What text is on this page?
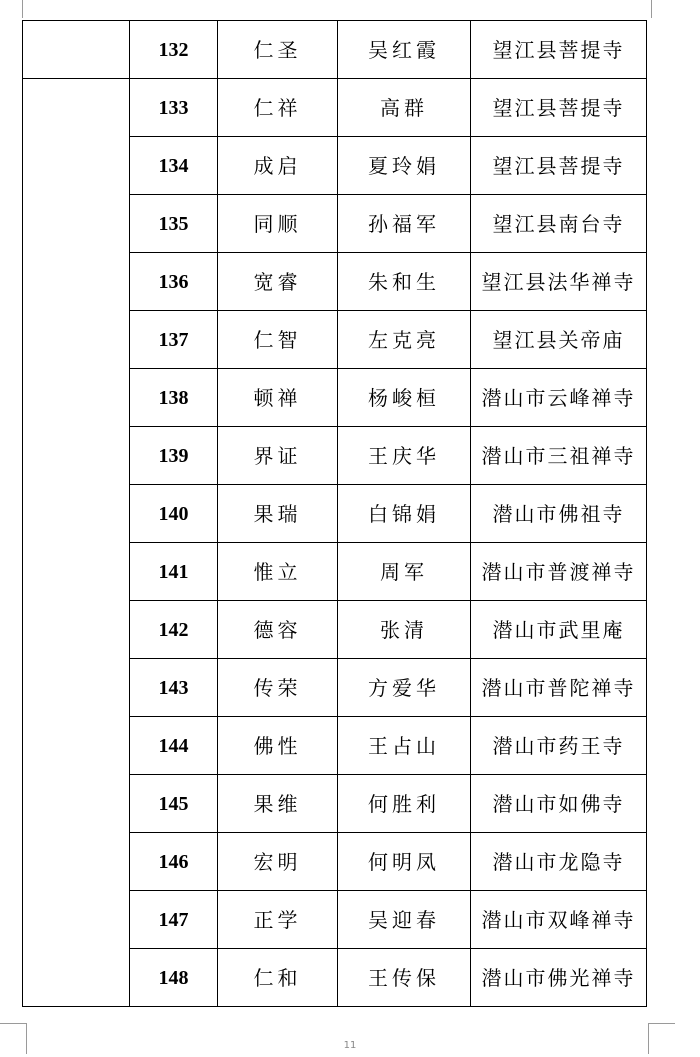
	132	仁圣	吴红霞	望江县菩提寺
	133	仁祥	高群	望江县菩提寺
	134	成启	夏玲娟	望江县菩提寺
	135	同顺	孙福军	望江县南台寺
	136	宽睿	朱和生	望江县法华禅寺
	137	仁智	左克亮	望江县关帝庙
	138	顿禅	杨峻桓	潜山市云峰禅寺
	139	界证	王庆华	潜山市三祖禅寺
	140	果瑞	白锦娟	潜山市佛祖寺
	141	惟立	周军	潜山市普渡禅寺
	142	德容	张清	潜山市武里庵
	143	传荣	方爱华	潜山市普陀禅寺
	144	佛性	王占山	潜山市药王寺
	145	果维	何胜利	潜山市如佛寺
	146	宏明	何明凤	潜山市龙隐寺
	147	正学	吴迎春	潜山市双峰禅寺
	148	仁和	王传保	潜山市佛光禅寺
11
